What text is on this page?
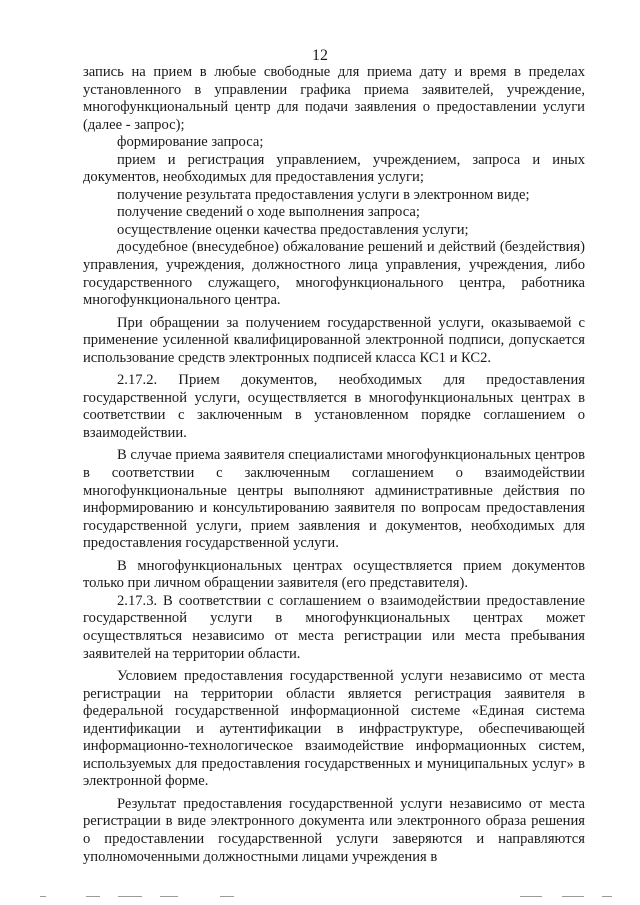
12

запись на прием в любые свободные для приема дату и время в пределах установленного в управлении графика приема заявителей, учреждение, многофункциональный центр для подачи заявления о предоставлении услуги (далее - запрос);

формирование запроса;

прием и регистрация управлением, учреждением, запроса и иных документов, необходимых для предоставления услуги;

получение результата предоставления услуги в электронном виде;

получение сведений о ходе выполнения запроса;

осуществление оценки качества предоставления услуги;

досудебное (внесудебное) обжалование решений и действий (бездействия) управления, учреждения, должностного лица управления, учреждения, либо государственного служащего, многофункционального центра, работника многофункционального центра.

При обращении за получением государственной услуги, оказываемой с применение усиленной квалифицированной электронной подписи, допускается использование средств электронных подписей класса КС1 и КС2.

2.17.2. Прием документов, необходимых для предоставления государственной услуги, осуществляется в многофункциональных центрах в соответствии с заключенным в установленном порядке соглашением о взаимодействии.

В случае приема заявителя специалистами многофункциональных центров в соответствии с заключенным соглашением о взаимодействии многофункциональные центры выполняют административные действия по информированию и консультированию заявителя по вопросам предоставления государственной услуги, прием заявления и документов, необходимых для предоставления государственной услуги.

В многофункциональных центрах осуществляется прием документов только при личном обращении заявителя (его представителя).

2.17.3. В соответствии с соглашением о взаимодействии предоставление государственной услуги в многофункциональных центрах может осуществляться независимо от места регистрации или места пребывания заявителей на территории области.

Условием предоставления государственной услуги независимо от места регистрации на территории области является регистрация заявителя в федеральной государственной информационной системе «Единая система идентификации и аутентификации в инфраструктуре, обеспечивающей информационно-технологическое взаимодействие информационных систем, используемых для предоставления государственных и муниципальных услуг» в электронной форме.

Результат предоставления государственной услуги независимо от места регистрации в виде электронного документа или электронного образа решения о предоставлении государственной услуги заверяются и направляются уполномоченными должностными лицами учреждения в
